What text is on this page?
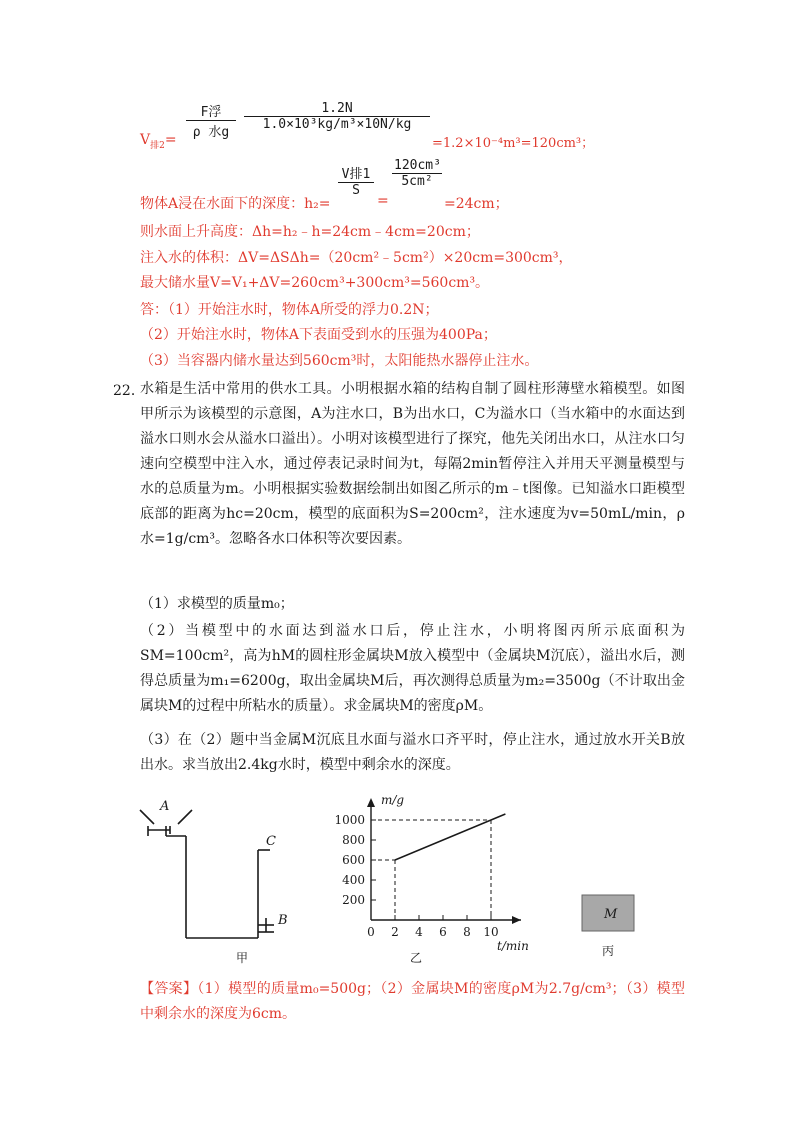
$V_{排2}=$
F浮
ρ 水g
$\frac{1.2N}{\text{1.0×10³kg/m³×10N/kg}}$
=1.2×10⁻⁴m³=120cm³；
物体A浸在水面下的深度：h₂=
V排1
S
=
$\frac{\text{120cm³}}{\text{5cm²}}$
=24cm；
则水面上升高度：Δh=h₂﹣h=24cm﹣4cm=20cm；
注入水的体积：ΔV=ΔSΔh=（20cm²﹣5cm²）×20cm=300cm³，
最大储水量V=V₁+ΔV=260cm³+300cm³=560cm³。
答：（1）开始注水时，物体A所受的浮力0.2N；
（2）开始注水时，物体A下表面受到水的压强为400Pa；
（3）当容器内储水量达到560cm³时，太阳能热水器停止注水。
22．
水箱是生活中常用的供水工具。小明根据水箱的结构自制了圆柱形薄壁水箱模型。如图甲所示为该模型的示意图，A为注水口，B为出水口，C为溢水口（当水箱中的水面达到溢水口则水会从溢水口溢出）。小明对该模型进行了探究，他先关闭出水口，从注水口匀速向空模型中注入水，通过停表记录时间为t，每隔2min暂停注入并用天平测量模型与水的总质量为m。小明根据实验数据绘制出如图乙所示的m﹣t图像。已知溢水口距模型底部的距离为hc=20cm，模型的底面积为S=200cm²，注水速度为v=50mL/min，ρ水=1g/cm³。忽略各水口体积等次要因素。
（1）求模型的质量m₀；
（2）当模型中的水面达到溢水口后，停止注水，小明将图丙所示底面积为SM=100cm²，高为hM的圆柱形金属块M放入模型中（金属块M沉底），溢出水后，测得总质量为m₁=6200g，取出金属块M后，再次测得总质量为m₂=3500g（不计取出金属块M的过程中所粘水的质量）。求金属块M的密度ρM。
（3）在（2）题中当金属M沉底且水面与溢水口齐平时，停止注水，通过放水开关B放出水。求当放出2.4kg水时，模型中剩余水的深度。
A
C
B
甲
0 2 4 6 8 10
200
400
600
800
1000
m/g
t/min
乙
M
丙
【答案】（1）模型的质量m₀=500g；（2）金属块M的密度ρM为2.7g/cm³；（3）模型中剩余水的深度为6cm。
